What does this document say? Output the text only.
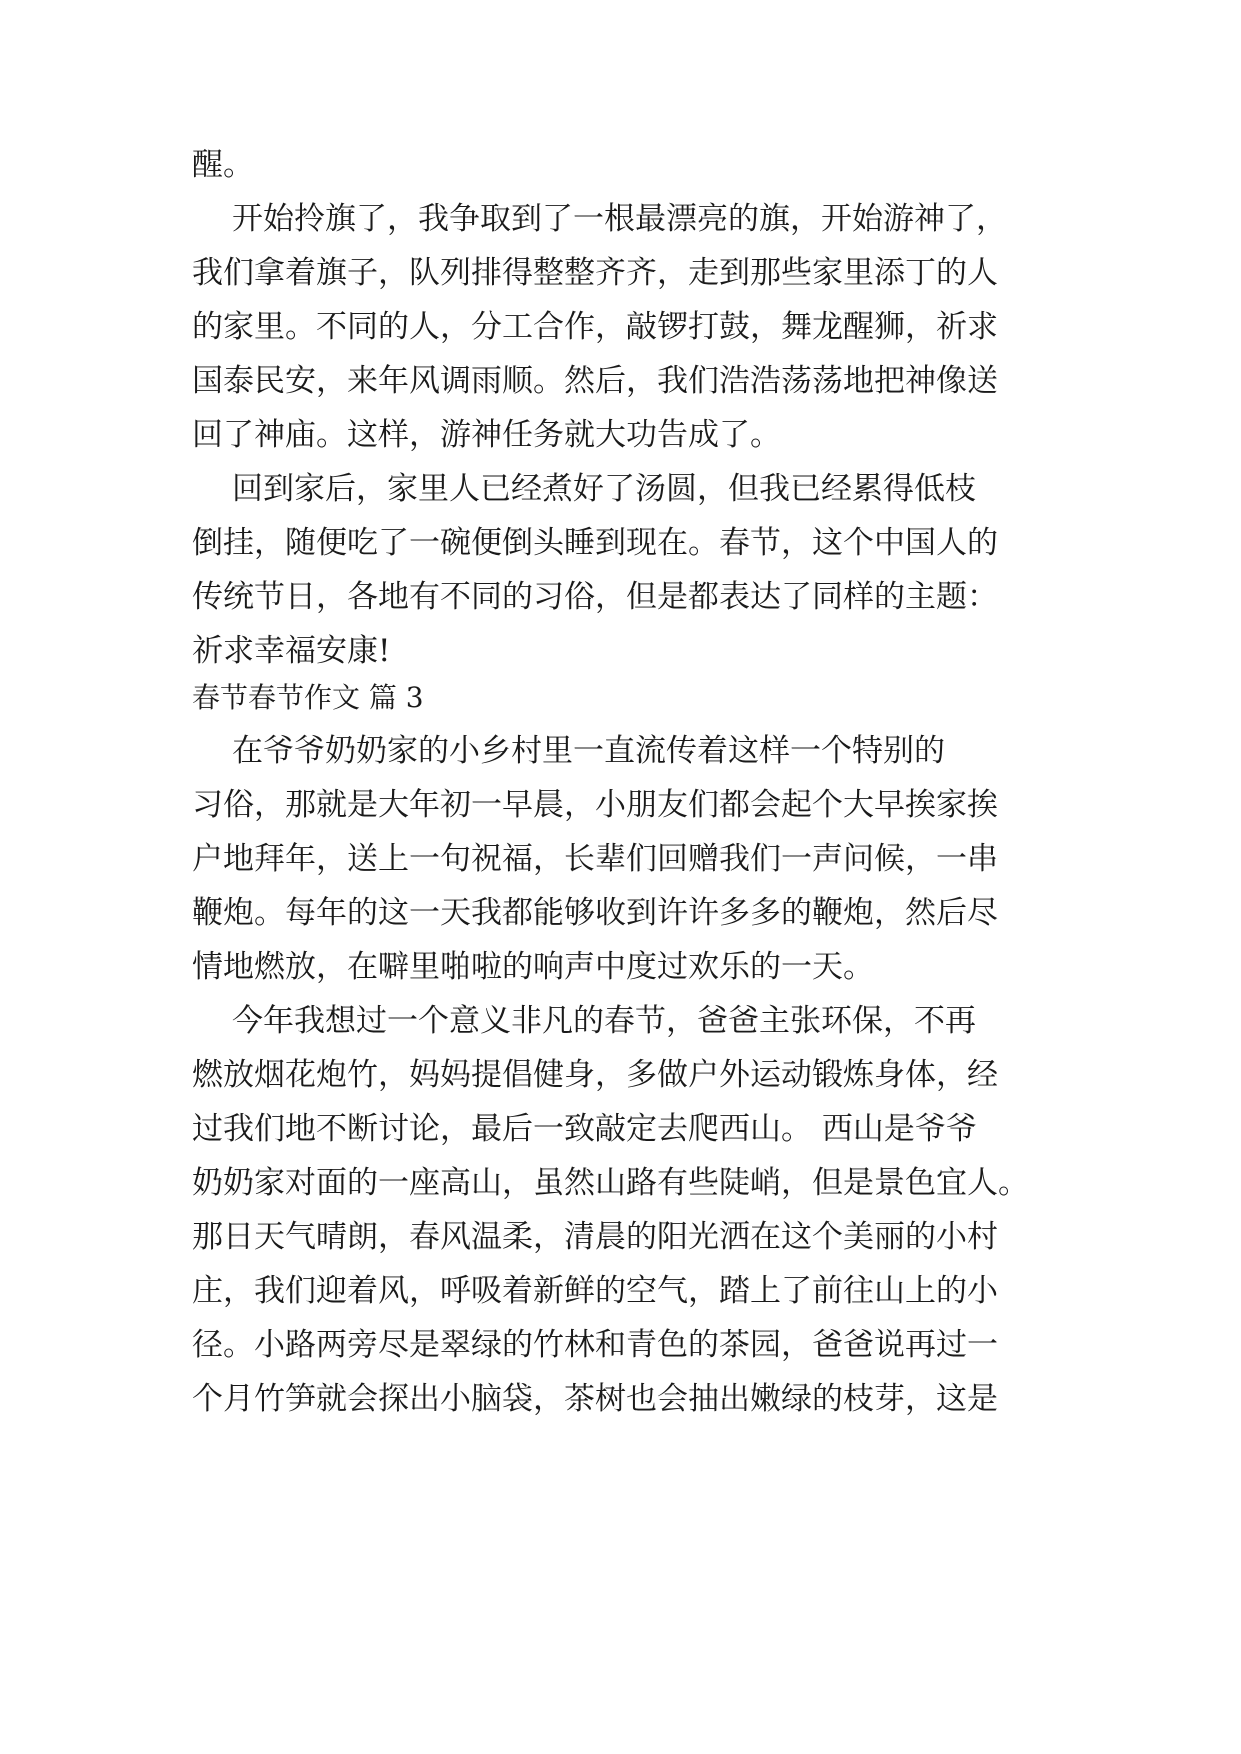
醒。
开始拎旗了，我争取到了一根最漂亮的旗，开始游神了，
我们拿着旗子，队列排得整整齐齐，走到那些家里添丁的人
的家里。不同的人，分工合作，敲锣打鼓，舞龙醒狮，祈求
国泰民安，来年风调雨顺。然后，我们浩浩荡荡地把神像送
回了神庙。这样，游神任务就大功告成了。
回到家后，家里人已经煮好了汤圆，但我已经累得低枝
倒挂，随便吃了一碗便倒头睡到现在。春节，这个中国人的
传统节日，各地有不同的习俗，但是都表达了同样的主题：
祈求幸福安康!
春节春节作文 篇 3
在爷爷奶奶家的小乡村里一直流传着这样一个特别的
习俗，那就是大年初一早晨，小朋友们都会起个大早挨家挨
户地拜年，送上一句祝福，长辈们回赠我们一声问候，一串
鞭炮。每年的这一天我都能够收到许许多多的鞭炮，然后尽
情地燃放，在噼里啪啦的响声中度过欢乐的一天。
今年我想过一个意义非凡的春节，爸爸主张环保，不再
燃放烟花炮竹，妈妈提倡健身，多做户外运动锻炼身体，经
过我们地不断讨论，最后一致敲定去爬西山。 西山是爷爷
奶奶家对面的一座高山，虽然山路有些陡峭，但是景色宜人。
那日天气晴朗，春风温柔，清晨的阳光洒在这个美丽的小村
庄，我们迎着风，呼吸着新鲜的空气，踏上了前往山上的小
径。小路两旁尽是翠绿的竹林和青色的茶园，爸爸说再过一
个月竹笋就会探出小脑袋，茶树也会抽出嫩绿的枝芽，这是
